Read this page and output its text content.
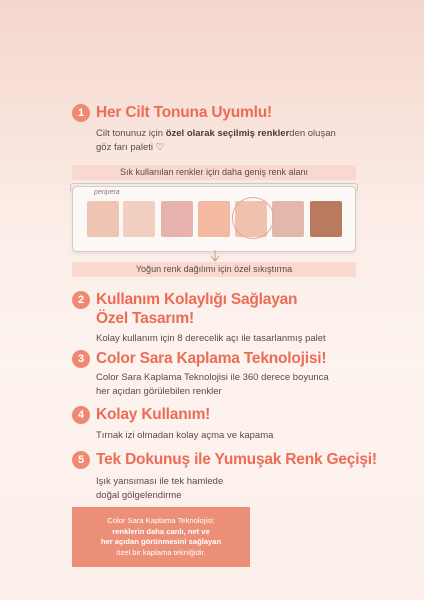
1 Her Cilt Tonuna Uyumlu!
Cilt tonunuz için özel olarak seçilmiş renklerden oluşan
göz farı paleti ♡
Sık kullanılan renkler için daha geniş renk alanı
peripera
Yoğun renk dağılımı için özel sıkıştırma
2 Kullanım Kolaylığı Sağlayan
Özel Tasarım!
Kolay kullanım için 8 derecelik açı ile tasarlanmış palet
3 Color Sara Kaplama Teknolojisi!
Color Sara Kaplama Teknolojisi ile 360 derece boyunca
her açıdan görülebilen renkler
4 Kolay Kullanım!
Tırnak izi olmadan kolay açma ve kapama
5 Tek Dokunuş ile Yumuşak Renk Geçişi!
Işık yansıması ile tek hamlede
doğal gölgelendirme
Color Sara Kaplama Teknolojisi;
renklerin daha canlı, net ve
her açıdan görünmesini sağlayan
özel bir kaplama tekniğidir.
